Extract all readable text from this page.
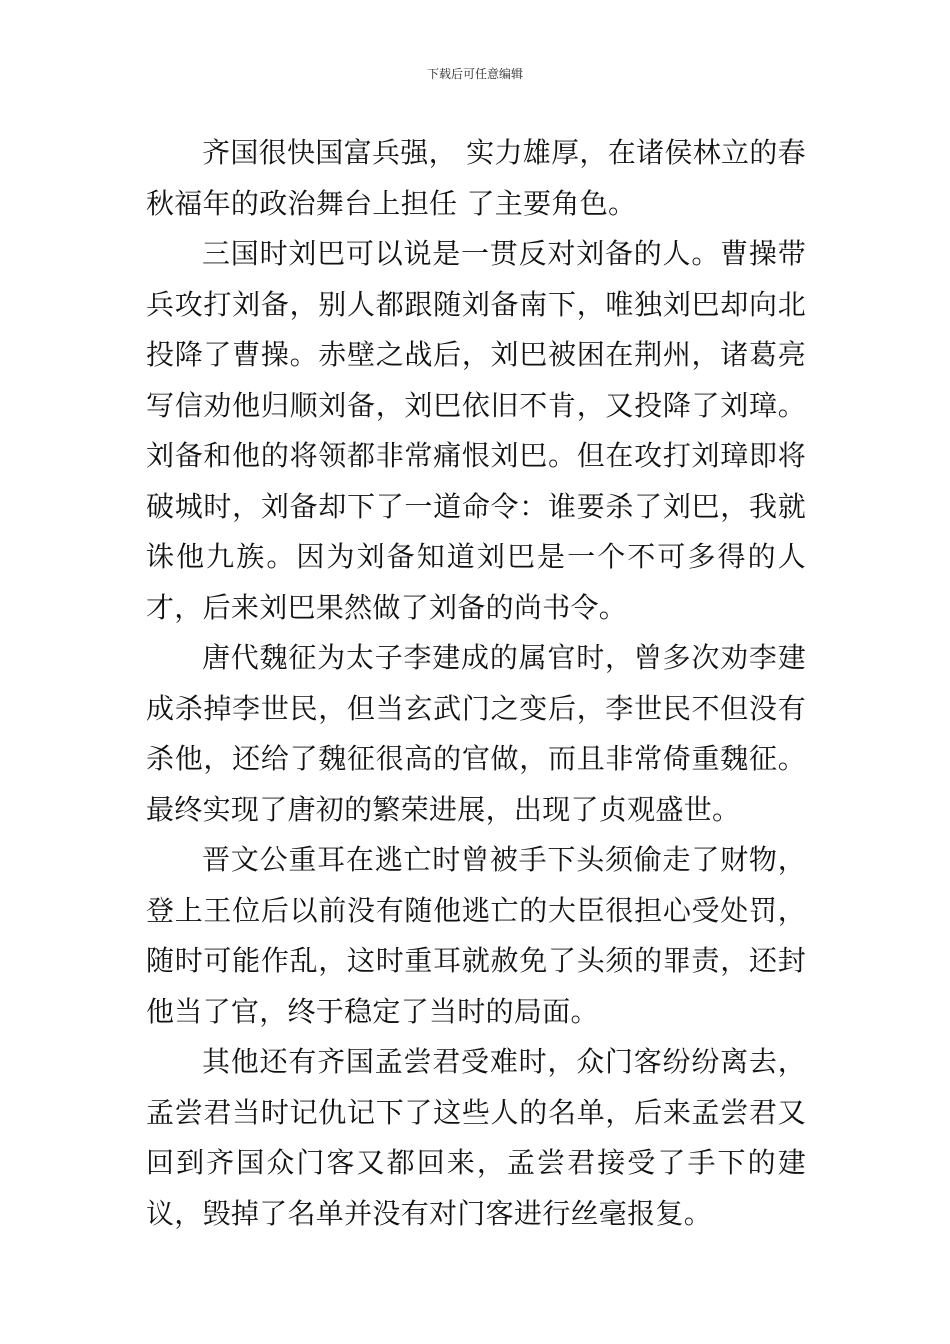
下载后可任意编辑

齐国很快国富兵强， 实力雄厚，在诸侯林立的春秋福年的政治舞台上担任 了主要角色。

三国时刘巴可以说是一贯反对刘备的人。曹操带兵攻打刘备，别人都跟随刘备南下，唯独刘巴却向北投降了曹操。赤壁之战后，刘巴被困在荆州，诸葛亮写信劝他归顺刘备，刘巴依旧不肯，又投降了刘璋。刘备和他的将领都非常痛恨刘巴。但在攻打刘璋即将破城时，刘备却下了一道命令：谁要杀了刘巴，我就诛他九族。因为刘备知道刘巴是一个不可多得的人才，后来刘巴果然做了刘备的尚书令。

唐代魏征为太子李建成的属官时，曾多次劝李建成杀掉李世民，但当玄武门之变后，李世民不但没有杀他，还给了魏征很高的官做，而且非常倚重魏征。最终实现了唐初的繁荣进展，出现了贞观盛世。

晋文公重耳在逃亡时曾被手下头须偷走了财物，登上王位后以前没有随他逃亡的大臣很担心受处罚，随时可能作乱，这时重耳就赦免了头须的罪责，还封他当了官，终于稳定了当时的局面。

其他还有齐国孟尝君受难时，众门客纷纷离去，孟尝君当时记仇记下了这些人的名单，后来孟尝君又回到齐国众门客又都回来，孟尝君接受了手下的建议，毁掉了名单并没有对门客进行丝毫报复。
